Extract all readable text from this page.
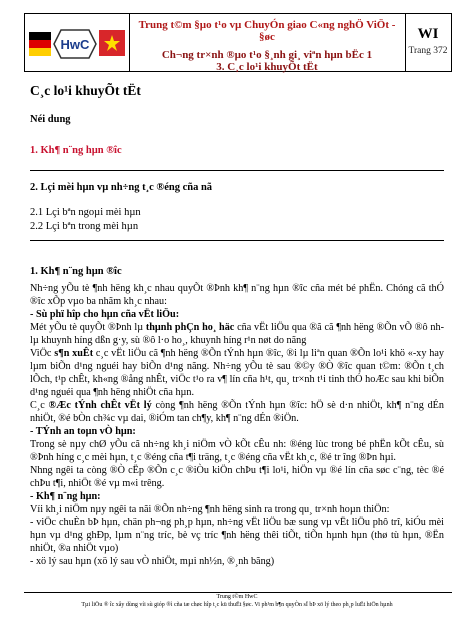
HwC
Trung t©m §µo t¹o vµ ChuyÓn giao C«ng nghÖ ViÖt -
§øc
Ch¬ng tr×nh ®µo t¹o §¸nh gi¸ viªn hµn bËc 1
3. C¸c lo¹i khuyÕt tËt
WI
Trang 372
C¸c lo¹i khuyÕt tËt
Néi dung
1. Kh¶ n¨ng hµn ®îc
2. Lçi mèi hµn vµ nh÷ng t¸c ®éng cña nã
2.1 Lçi bªn ngoµi mèi hµn
2.2 Lçi bªn trong mèi hµn
1. Kh¶ n¨ng hµn ®îc

Nh÷ng yÕu tè ¶nh hëng kh¸c nhau quyÕt ®Þnh kh¶ n¨ng hµn ®îc cña mét bé phËn. Chóng cã thÓ ®îc xÕp vµo ba nhãm kh¸c nhau:

- Sù phï hîp cho hµn cña vËt liÖu:

Mét yÕu tè quyÕt ®Þnh lµ thµnh phÇn ho¸ häc cña vËt liÖu qua ®ã cã ¶nh hëng ®Õn vÕ ®ô nh lµ khuynh híng dßn g·y, sù ®ô l·o ho¸, khuynh híng r¹n nøt do nãng

ViÖc s¶n xuÊt c¸c vËt liÖu cã ¶nh hëng ®Õn tÝnh hµn ®îc, ®i lµ liªn quan ®Õn lo¹i khö «-xy hay lµm biÕn d¹ng nguéi hay biÕn d¹ng nãng. Nh÷ng yÕu tè sau ®©y ®Ò ®îc quan t©m: ®Õn t¸ch lÕch, t¹p chÊt, kh«ng ®ång nhÊt, viÖc t¹o ra v¶ lín cña h¹t, qu¸ tr×nh t¹i tinh thÓ hoÆc sau khi biÕn d¹ng nguéi qua ¶nh hëng nhiÖt cña hµn.

C¸c ®Æc tÝnh chÊt vËt lý còng ¶nh hëng ®Õn tÝnh hµn ®îc: hÖ sè d·n nhiÖt, kh¶ n¨ng dÉn nhiÖt, ®é bÒn ch¾c vµ dai, ®iÓm tan ch¶y, kh¶ n¨ng dÉn ®iÖn.

- TÝnh an toµn vÒ hµn:

Trong sè nµy chØ yÕu cã nh÷ng kh¸i niÖm vÒ kÕt cÊu nh: ®éng lùc trong bé phËn kÕt cÊu, sù ®Þnh híng c¸c mèi hµn, t¸c ®éng cña t¶i träng, t¸c ®éng cña vËt kh¸c, ®é tr îng ®Þn hµi.

Nhng ngêi ta còng ®Ò cËp ®Õn c¸c ®iÒu kiÖn chÞu t¶i lo¹i, hiÖn vµ ®é lín cña søc c¨ng, tèc ®é chÞu t¶i, nhiÖt ®é vµ m«i trêng.

- Kh¶ n¨ng hµn:

Víi kh¸i niÖm nµy ngêi ta nãi ®Õn nh÷ng ¶nh hëng sinh ra trong qu¸ tr×nh hoµn thiÖn:

- viÖc chuÈn bÞ hµn, chän ph¬ng ph¸p hµn, nh÷ng vËt liÖu bæ sung vµ vËt liÖu phô trî, kiÓu mèi hµn vµ d¹ng ghÐp, lµm n¨ng tríc, bè vç tríc ¶nh hëng thêi tiÕt, tiÕn hµnh hµn (thø tù hµn, ®Ën nhiÖt, ®a nhiÖt vµo)

- xö lý sau hµn (xö lý sau vÒ nhiÖt, mµi nh½n, ®¸nh bãng)

Trung t©m HwC
Tµi liÖu ® îc xây dùng víi sù gióp ®ì cña tæ chøc hîp t¸c kü thuËt §øc. Vi ph¹m b¶n quyÒn sÏ bÞ xö lý theo ph¸p luËt hiÖn hµnh
